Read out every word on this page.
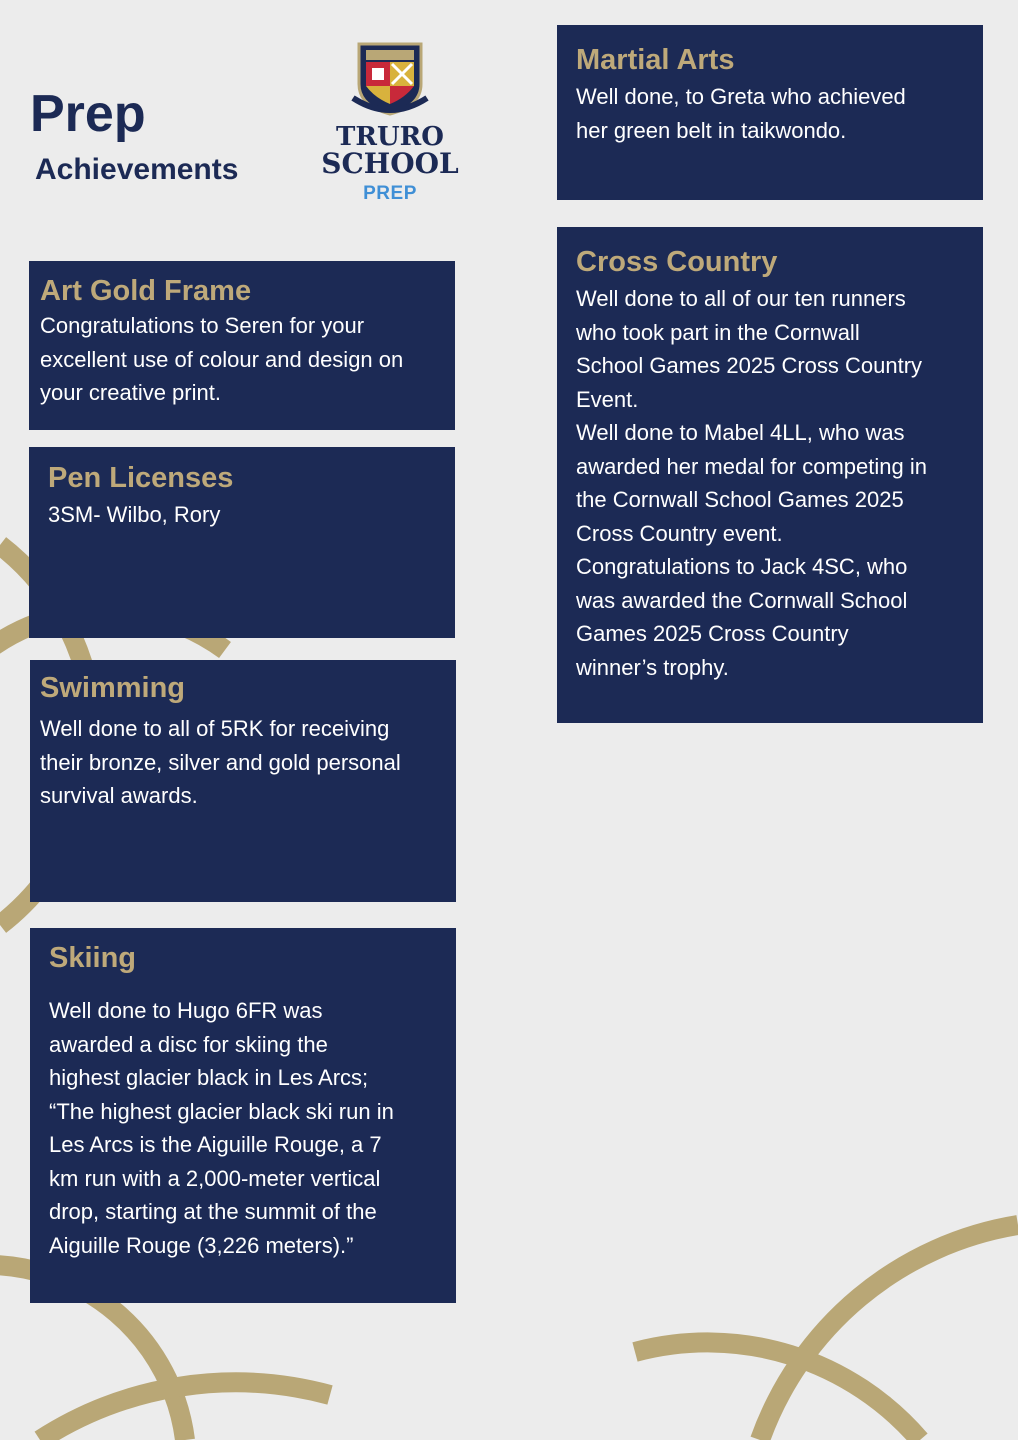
Prep
Achievements
TRURO
SCHOOL
PREP
Art Gold Frame

Congratulations to Seren for your
excellent use of colour and design on
your creative print.

Pen Licenses

3SM- Wilbo, Rory

Swimming

Well done to all of 5RK for receiving
their bronze, silver and gold personal
survival awards.

Skiing

Well done to Hugo 6FR was
awarded a disc for skiing the
highest glacier black in Les Arcs;
“The highest glacier black ski run in
Les Arcs is the Aiguille Rouge, a 7
km run with a 2,000-meter vertical
drop, starting at the summit of the
Aiguille Rouge (3,226 meters).”

Martial Arts

Well done, to Greta who achieved
her green belt in taikwondo.

Cross Country

Well done to all of our ten runners
who took part in the Cornwall
School Games 2025 Cross Country
Event.
Well done to Mabel 4LL, who was
awarded her medal for competing in
the Cornwall School Games 2025
Cross Country event.
Congratulations to Jack 4SC, who
was awarded the Cornwall School
Games 2025 Cross Country
winner’s trophy.
